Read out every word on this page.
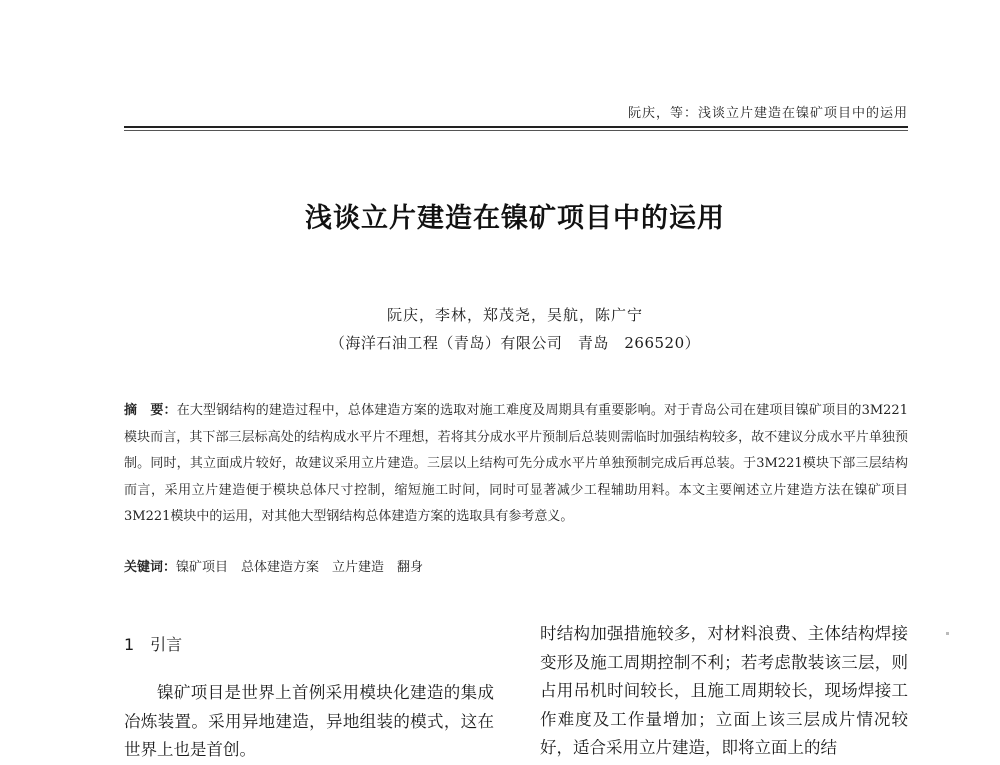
阮庆，等：浅谈立片建造在镍矿项目中的运用
浅谈立片建造在镍矿项目中的运用
阮庆，李林，郑茂尧，吴航，陈广宁
（海洋石油工程（青岛）有限公司　青岛　266520）
摘　要：在大型钢结构的建造过程中，总体建造方案的选取对施工难度及周期具有重要影响。对于青岛公司在建项目镍矿项目的3M221模块而言，其下部三层标高处的结构成水平片不理想，若将其分成水平片预制后总装则需临时加强结构较多，故不建议分成水平片单独预制。同时，其立面成片较好，故建议采用立片建造。三层以上结构可先分成水平片单独预制完成后再总装。于3M221模块下部三层结构而言，采用立片建造便于模块总体尺寸控制，缩短施工时间，同时可显著减少工程辅助用料。本文主要阐述立片建造方法在镍矿项目3M221模块中的运用，对其他大型钢结构总体建造方案的选取具有参考意义。
关键词：镍矿项目　总体建造方案　立片建造　翻身
1　引言

镍矿项目是世界上首例采用模块化建造的集成冶炼装置。采用异地建造，异地组装的模式，这在世界上也是首创。

时结构加强措施较多，对材料浪费、主体结构焊接变形及施工周期控制不利；若考虑散装该三层，则占用吊机时间较长，且施工周期较长，现场焊接工作难度及工作量增加；立面上该三层成片情况较好，适合采用立片建造，即将立面上的结
